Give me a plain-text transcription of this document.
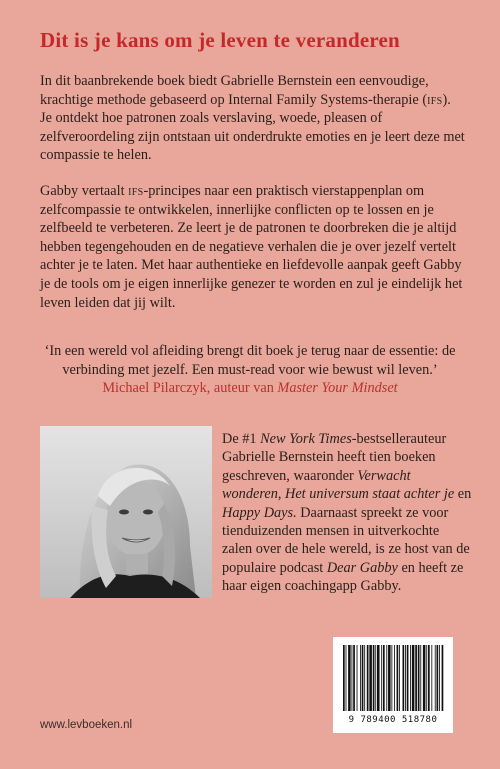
Dit is je kans om je leven te veranderen
In dit baanbrekende boek biedt Gabrielle Bernstein een eenvoudige, krachtige methode gebaseerd op Internal Family Systems-therapie (ifs). Je ontdekt hoe patronen zoals verslaving, woede, pleasen of zelfveroordeling zijn ontstaan uit onderdrukte emoties en je leert deze met compassie te helen.
Gabby vertaalt ifs-principes naar een praktisch vierstappenplan om zelfcompassie te ontwikkelen, innerlijke conflicten op te lossen en je zelfbeeld te verbeteren. Ze leert je de patronen te doorbreken die je altijd hebben tegengehouden en de negatieve verhalen die je over jezelf vertelt achter je te laten. Met haar authentieke en liefdevolle aanpak geeft Gabby je de tools om je eigen innerlijke genezer te worden en zul je eindelijk het leven leiden dat jij wilt.
‘In een wereld vol afleiding brengt dit boek je terug naar de essentie: de verbinding met jezelf. Een must-read voor wie bewust wil leven.’
Michael Pilarczyk, auteur van Master Your Mindset
De #1 New York Times-bestsellerauteur Gabrielle Bernstein heeft tien boeken geschreven, waaronder Verwacht wonderen, Het universum staat achter je en Happy Days. Daarnaast spreekt ze voor tienduizenden mensen in uitverkochte zalen over de hele wereld, is ze host van de populaire podcast Dear Gabby en heeft ze haar eigen coachingapp Gabby.
9 789400 518780
www.levboeken.nl
